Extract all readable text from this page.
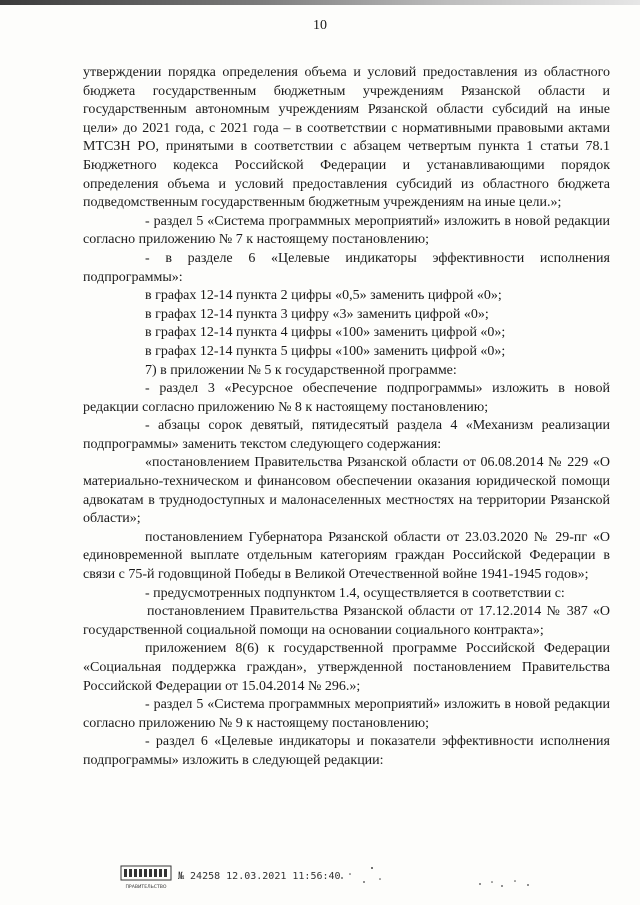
10

утверждении порядка определения объема и условий предоставления из областного бюджета государственным бюджетным учреждениям Рязанской области и государственным автономным учреждениям Рязанской области субсидий на иные цели» до 2021 года, с 2021 года – в соответствии с нормативными правовыми актами МТСЗН РО, принятыми в соответствии с абзацем четвертым пункта 1 статьи 78.1 Бюджетного кодекса Российской Федерации и устанавливающими порядок определения объема и условий предоставления субсидий из областного бюджета подведомственным государственным бюджетным учреждениям на иные цели.»;

- раздел 5 «Система программных мероприятий» изложить в новой редакции согласно приложению № 7 к настоящему постановлению;

- в разделе 6 «Целевые индикаторы эффективности исполнения подпрограммы»:

в графах 12-14 пункта 2 цифры «0,5» заменить цифрой «0»;

в графах 12-14 пункта 3 цифру «3» заменить цифрой «0»;

в графах 12-14 пункта 4 цифры «100» заменить цифрой «0»;

в графах 12-14 пункта 5 цифры «100» заменить цифрой «0»;

7) в приложении № 5 к государственной программе:

- раздел 3 «Ресурсное обеспечение подпрограммы» изложить в новой редакции согласно приложению № 8 к настоящему постановлению;

- абзацы сорок девятый, пятидесятый раздела 4 «Механизм реализации подпрограммы» заменить текстом следующего содержания:

«постановлением Правительства Рязанской области от 06.08.2014 № 229 «О материально-техническом и финансовом обеспечении оказания юридической помощи адвокатам в труднодоступных и малонаселенных местностях на территории Рязанской области»;

постановлением Губернатора Рязанской области от 23.03.2020 № 29-пг «О единовременной выплате отдельным категориям граждан Российской Федерации в связи с 75-й годовщиной Победы в Великой Отечественной войне 1941-1945 годов»;

- предусмотренных подпунктом 1.4, осуществляется в соответствии с:

постановлением Правительства Рязанской области от 17.12.2014 № 387 «О государственной социальной помощи на основании социального контракта»;

приложением 8(6) к государственной программе Российской Федерации «Социальная поддержка граждан», утвержденной постановлением Правительства Российской Федерации от 15.04.2014 № 296.»;

- раздел 5 «Система программных мероприятий» изложить в новой редакции согласно приложению № 9 к настоящему постановлению;

- раздел 6 «Целевые индикаторы и показатели эффективности исполнения подпрограммы» изложить в следующей редакции:

ПРАВИТЕЛЬСТВО
№ 24258 12.03.2021 11:56:40
